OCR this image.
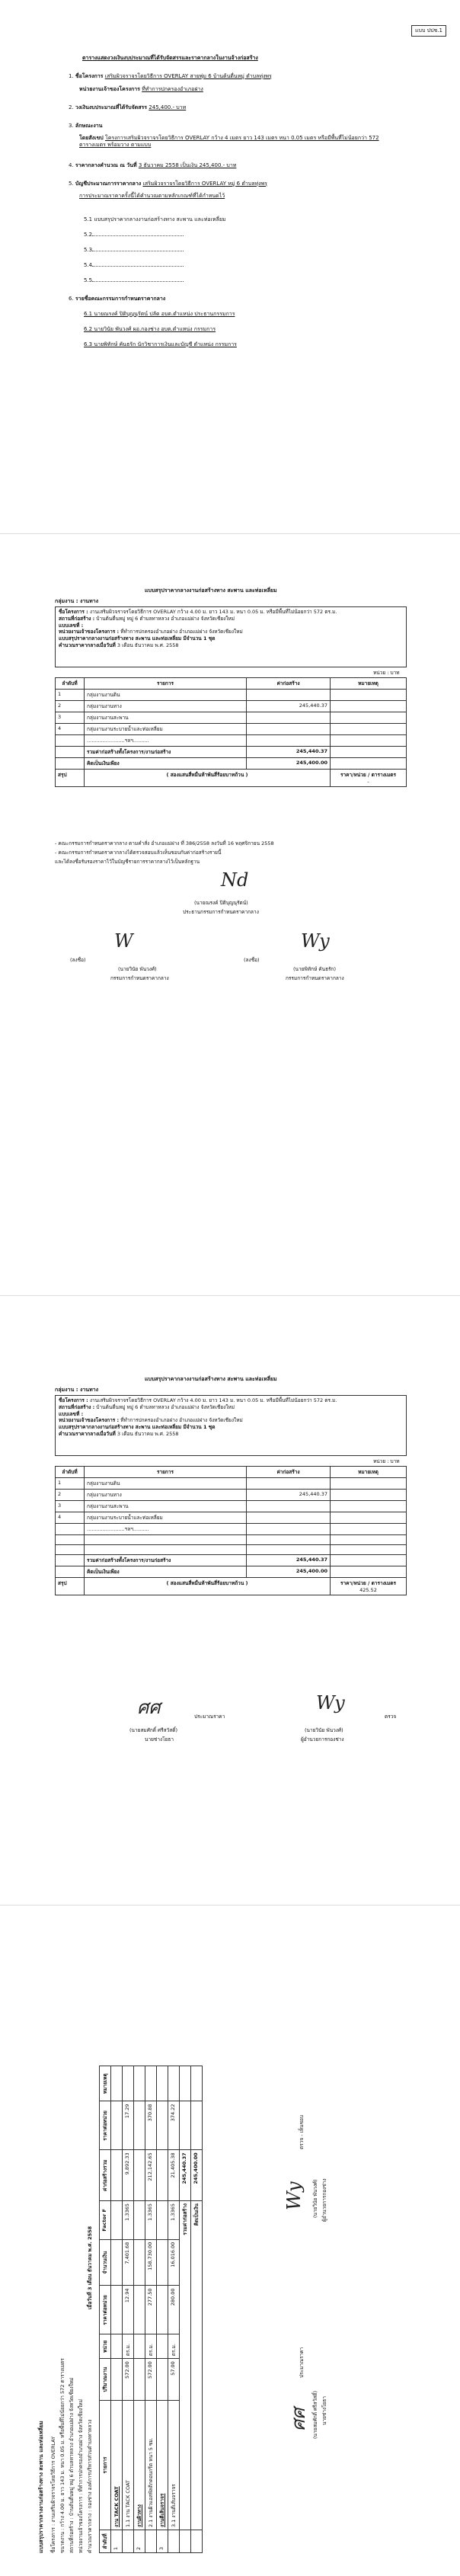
แบบ ปปช.1
ตารางแสดงวงเงินงบประมาณที่ได้รับจัดสรรและราคากลางในงานจ้างก่อสร้าง
1. ชื่อโครงการ เสริมผิวจราจรโดยวิธีการ OVERLAY สายพุ่ม 6 บ้านต้นตื่นหมู่ ตำบลทุ่งพรุ
หน่วยงานเจ้าของโครงการ ที่ทำการปกครองอำเภอฝาง
2. วงเงินงบประมาณที่ได้รับจัดสรร 245,400.- บาท
3. ลักษณะงาน
โดยสังเขป โครงการเสริมผิวจราจรโดยวิธีการ OVERLAY กว้าง 4 เมตร ยาว 143 เมตร หนา 0.05 เมตร หรือมีพื้นที่ไม่น้อยกว่า 572 ตารางเมตร พร้อมวาง ตามแบบ
4. ราคากลางคำนวณ ณ วันที่ 3 ธันวาคม 2558 เป็นเงิน 245,400.- บาท
5. บัญชีประมาณการราคากลาง เสริมผิวจราจรโดยวิธีการ OVERLAY หมู่ 6 ตำบลทุ่งพรุ
การประมาณราคาครั้งนี้ได้คำนวณตามหลักเกณฑ์ที่ได้กำหนดไว้
5.1 แบบสรุปราคากลางงานก่อสร้างทาง สะพาน และท่อเหลี่ยม
5.2
5.3
5.4
5.5
6. รายชื่อคณะกรรมการกำหนดราคากลาง
6.1 นายณรงค์ ปิติบุญนุรัตน์ ปลัด อบต.ตำแหน่ง ประธานกรรมการ
6.2 นายวินัย พันวงศ์ ผอ.กองช่าง อบต.ตำแหน่ง กรรมการ
6.3 นายพิทักษ์ คันธรัก นักวิชาการเงินและบัญชี ตำแหน่ง กรรมการ
แบบสรุปราคากลางงานก่อสร้างทาง สะพาน และท่อเหลี่ยม
กลุ่มงาน : งานทาง
ชื่อโครงการ : งานเสริมผิวจราจรโดยวิธีการ OVERLAY กว้าง 4.00 ม. ยาว 143 ม. หนา 0.05 ม. หรือมีพื้นที่ไม่น้อยกว่า 572 ตร.ม.
สถานที่ก่อสร้าง : บ้านต้นตื่นหมู่ หมู่ 6 ตำบลทาหลวง อำเภอแม่ฝาง จังหวัดเชียงใหม่
แบบเลขที่ :
หน่วยงานเจ้าของโครงการ : ที่ทำการปกครองอำเภอฝาง อำเภอแม่ฝาง จังหวัดเชียงใหม่
แบบสรุปราคากลางงานก่อสร้างทาง สะพาน และท่อเหลี่ยม มีจำนวน 1 ชุด
คำนวณราคากลางเมื่อวันที่ 3 เดือน ธันวาคม พ.ศ. 2558
หน่วย : บาท
ลำดับที่	รายการ	ค่าก่อสร้าง	หมายเหตุ
1	กลุ่มงานงานดิน		
2	กลุ่มงานงานทาง	245,440.37	
3	กลุ่มงานงานสะพาน		
4	กลุ่มงานงานระบายน้ำและท่อเหลี่ยม		
	........................ฯลฯ..........		
	รวมค่าก่อสร้างทั้งโครงการ/งานก่อสร้าง	245,440.37	
	คิดเป็นเงินเพียง	245,400.00	
สรุป	( สองแสนสี่หมื่นห้าพันสี่ร้อยบาทถ้วน )		ราคา/หน่วย / ตารางเมตร
-
- คณะกรรมการกำหนดราคากลาง ตามคำสั่ง อำเภอแม่ฝาง ที่ 386/2558 ลงวันที่ 16 พฤศจิกายน 2558
- คณะกรรมการกำหนดราคากลางได้ตรวจสอบแล้วเห็นชอบกับค่าก่อสร้างรายนี้
และได้ลงชื่อรับรองราคาไว้ในบัญชีรายการราคากลางไว้เป็นหลักฐาน
Nd
(นายณรงค์ ปิติบุญนุรัตน์)
ประธานกรรมการกำหนดราคากลาง
W
(ลงชื่อ)
(นายวินัย พันวงศ์)
กรรมการกำหนดราคากลาง
Wy
(ลงชื่อ)
(นายพิทักษ์ คันธรัก)
กรรมการกำหนดราคากลาง
แบบสรุปราคากลางงานก่อสร้างทาง สะพาน และท่อเหลี่ยม
กลุ่มงาน : งานทาง
ชื่อโครงการ : งานเสริมผิวจราจรโดยวิธีการ OVERLAY กว้าง 4.00 ม. ยาว 143 ม. หนา 0.05 ม. หรือมีพื้นที่ไม่น้อยกว่า 572 ตร.ม.
สถานที่ก่อสร้าง : บ้านต้นตื่นหมู่ หมู่ 6 ตำบลทาหลวง อำเภอแม่ฝาง จังหวัดเชียงใหม่
แบบเลขที่ :
หน่วยงานเจ้าของโครงการ : ที่ทำการปกครองอำเภอฝาง อำเภอแม่ฝาง จังหวัดเชียงใหม่
แบบสรุปราคากลางงานก่อสร้างทาง สะพาน และท่อเหลี่ยม มีจำนวน 1 ชุด
คำนวณราคากลางเมื่อวันที่ 3 เดือน ธันวาคม พ.ศ. 2558
หน่วย : บาท
ลำดับที่	รายการ	ค่าก่อสร้าง	หมายเหตุ
1	กลุ่มงานงานดิน		
2	กลุ่มงานงานทาง	245,440.37	
3	กลุ่มงานงานสะพาน		
4	กลุ่มงานงานระบายน้ำและท่อเหลี่ยม		
	........................ฯลฯ..........		

	รวมค่าก่อสร้างทั้งโครงการ/งานก่อสร้าง	245,440.37	
	คิดเป็นเงินเพียง	245,400.00	
สรุป	( สองแสนสี่หมื่นห้าพันสี่ร้อยบาทถ้วน )		ราคา/หน่วย / ตารางเมตร
425.52
ศศ	ประมาณราคา
(นายสมศักดิ์ ศรีสวัสดิ์)
นายช่างโยธา
Wy
ตรวจ
(นายวินัย พันวงศ์)
ผู้อำนวยการกองช่าง
แบบสรุปราคากลางงานก่อสร้างทาง สะพาน และท่อเหลี่ยม ชื่อโครงการ : งานเสริมผิวจราจรโดยวิธีการ OVERLAY ขนาดงาน : กว้าง 4.00 ม. ยาว 143 ม. หนา 0.05 ม. หรือพื้นที่ไม่น้อยกว่า 572 ตารางเมตร สถานที่ก่อสร้าง : บ้านต้นตื่นหมู่ หมู่ 6 ตำบลทาหลวง อำเภอแม่ฝาง จังหวัดเชียงใหม่ หน่วยงานเจ้าของโครงการ : ที่ทำการปกครองอำเภอฝาง จังหวัดเชียงใหม่ คำนวณราคากลาง : กองช่าง องค์การบริหารส่วนตำบลทาหลวง
เมื่อวันที่ 3 เดือน ธันวาคม พ.ศ. 2558
ลำดับที่	รายการ	ปริมาณงาน	หน่วย	ราคาต่อหน่วย	จำนวนเงิน	Factor F	ค่าก่อสร้างรวม	ราคาต่อหน่วย	หมายเหตุ
1	งาน TACK COAT								
	1.1 งาน TACK COAT	572.00	ตร.ม.	12.94	7,401.68	1.3365	9,892.33	17.29	
2	งานผิวทาง								
	2.1 งานผิวแอสฟัลติกคอนกรีต หนา 5 ซม.	572.00	ตร.ม.	277.50	158,730.00	1.3365	212,142.65	370.88	
3	งานตีเส้นจราจร								
	3.1 งานตีเส้นจราจร	57.00	ตร.ม.	280.00	16,016.00	1.3365	21,405.38	374.22	
	รวมค่าก่อสร้าง						245,440.37		
	คิดเป็นเงิน						245,400.00		
ศศ
ประมาณราคา
(นายสมศักดิ์ ศรีสวัสดิ์) นายช่างโยธา
Wy
ตรวจ - เห็นชอบ
(นายวินัย พันวงศ์) ผู้อำนวยการกองช่าง
